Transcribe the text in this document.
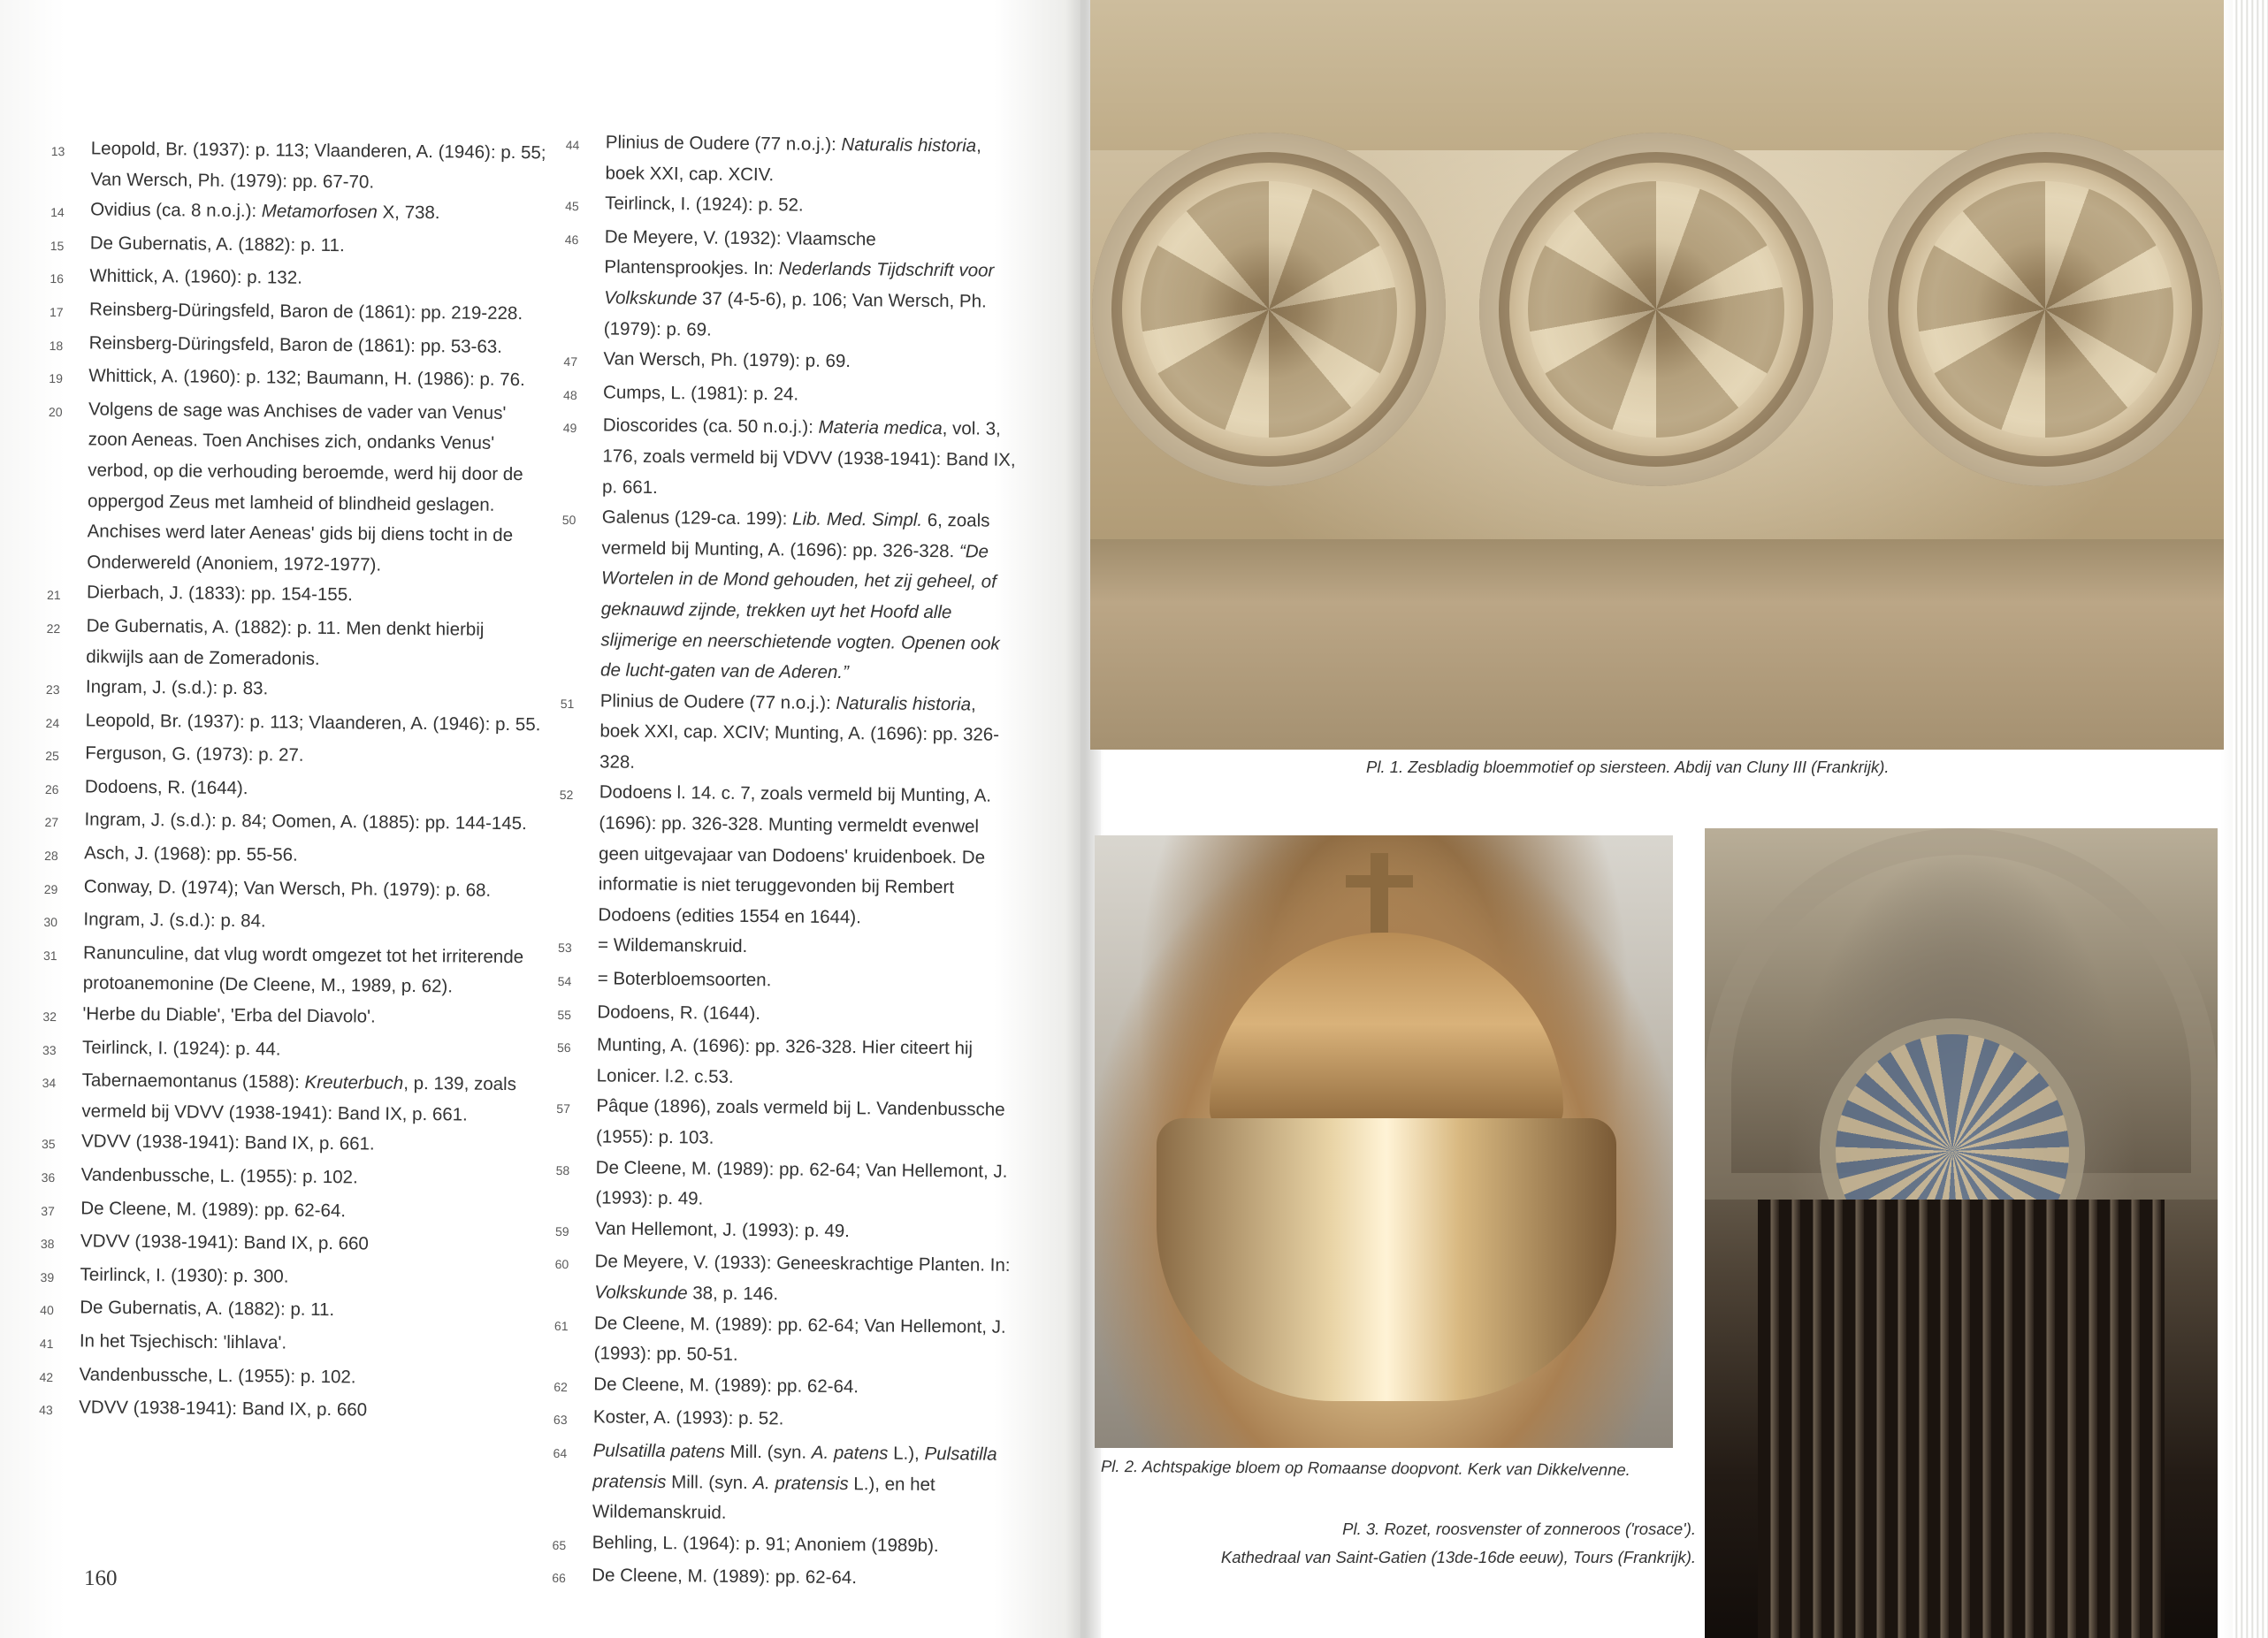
13	Leopold, Br. (1937): p. 113; Vlaanderen, A. (1946): p. 55; Van Wersch, Ph. (1979): pp. 67-70.
14	Ovidius (ca. 8 n.o.j.): Metamorfosen X, 738.
15	De Gubernatis, A. (1882): p. 11.
16	Whittick, A. (1960): p. 132.
17	Reinsberg-Düringsfeld, Baron de (1861): pp. 219-228.
18	Reinsberg-Düringsfeld, Baron de (1861): pp. 53-63.
19	Whittick, A. (1960): p. 132; Baumann, H. (1986): p. 76.
20	Volgens de sage was Anchises de vader van Venus' zoon Aeneas. Toen Anchises zich, ondanks Venus' verbod, op die verhouding beroemde, werd hij door de oppergod Zeus met lamheid of blindheid geslagen. Anchises werd later Aeneas' gids bij diens tocht in de Onderwereld (Anoniem, 1972-1977).
21	Dierbach, J. (1833): pp. 154-155.
22	De Gubernatis, A. (1882): p. 11. Men denkt hierbij dikwijls aan de Zomeradonis.
23	Ingram, J. (s.d.): p. 83.
24	Leopold, Br. (1937): p. 113; Vlaanderen, A. (1946): p. 55.
25	Ferguson, G. (1973): p. 27.
26	Dodoens, R. (1644).
27	Ingram, J. (s.d.): p. 84; Oomen, A. (1885): pp. 144-145.
28	Asch, J. (1968): pp. 55-56.
29	Conway, D. (1974); Van Wersch, Ph. (1979): p. 68.
30	Ingram, J. (s.d.): p. 84.
31	Ranunculine, dat vlug wordt omgezet tot het irriterende protoanemonine (De Cleene, M., 1989, p. 62).
32	'Herbe du Diable', 'Erba del Diavolo'.
33	Teirlinck, I. (1924): p. 44.
34	Tabernaemontanus (1588): Kreuterbuch, p. 139, zoals vermeld bij VDVV (1938-1941): Band IX, p. 661.
35	VDVV (1938-1941): Band IX, p. 661.
36	Vandenbussche, L. (1955): p. 102.
37	De Cleene, M. (1989): pp. 62-64.
38	VDVV (1938-1941): Band IX, p. 660
39	Teirlinck, I. (1930): p. 300.
40	De Gubernatis, A. (1882): p. 11.
41	In het Tsjechisch: 'lihlava'.
42	Vandenbussche, L. (1955): p. 102.
43	VDVV (1938-1941): Band IX, p. 660
44	Plinius de Oudere (77 n.o.j.): Naturalis historia, boek XXI, cap. XCIV.
45	Teirlinck, I. (1924): p. 52.
46	De Meyere, V. (1932): Vlaamsche Plantensprookjes. In: Nederlands Tijdschrift voor Volkskunde 37 (4-5-6), p. 106; Van Wersch, Ph. (1979): p. 69.
47	Van Wersch, Ph. (1979): p. 69.
48	Cumps, L. (1981): p. 24.
49	Dioscorides (ca. 50 n.o.j.): Materia medica, vol. 3, 176, zoals vermeld bij VDVV (1938-1941): Band IX, p. 661.
50	Galenus (129-ca. 199): Lib. Med. Simpl. 6, zoals vermeld bij Munting, A. (1696): pp. 326-328. “De Wortelen in de Mond gehouden, het zij geheel, of geknauwd zijnde, trekken uyt het Hoofd alle slijmerige en neerschietende vogten. Openen ook de lucht-gaten van de Aderen.”
51	Plinius de Oudere (77 n.o.j.): Naturalis historia, boek XXI, cap. XCIV; Munting, A. (1696): pp. 326-328.
52	Dodoens l. 14. c. 7, zoals vermeld bij Munting, A. (1696): pp. 326-328. Munting vermeldt evenwel geen uitgevajaar van Dodoens' kruidenboek. De informatie is niet teruggevonden bij Rembert Dodoens (edities 1554 en 1644).
53	= Wildemanskruid.
54	= Boterbloemsoorten.
55	Dodoens, R. (1644).
56	Munting, A. (1696): pp. 326-328. Hier citeert hij Lonicer. l.2. c.53.
57	Pâque (1896), zoals vermeld bij L. Vandenbussche (1955): p. 103.
58	De Cleene, M. (1989): pp. 62-64; Van Hellemont, J. (1993): p. 49.
59	Van Hellemont, J. (1993): p. 49.
60	De Meyere, V. (1933): Geneeskrachtige Planten. In: Volkskunde 38, p. 146.
61	De Cleene, M. (1989): pp. 62-64; Van Hellemont, J. (1993): pp. 50-51.
62	De Cleene, M. (1989): pp. 62-64.
63	Koster, A. (1993): p. 52.
64	Pulsatilla patens Mill. (syn. A. patens L.), Pulsatilla pratensis Mill. (syn. A. pratensis L.), en het Wildemanskruid.
65	Behling, L. (1964): p. 91; Anoniem (1989b).
66	De Cleene, M. (1989): pp. 62-64.
160
Pl. 1. Zesbladig bloemmotief op siersteen. Abdij van Cluny III (Frankrijk).
Pl. 2. Achtspakige bloem op Romaanse doopvont. Kerk van Dikkelvenne.
Pl. 3. Rozet, roosvenster of zonneroos ('rosace').
Kathedraal van Saint-Gatien (13de-16de eeuw), Tours (Frankrijk).
